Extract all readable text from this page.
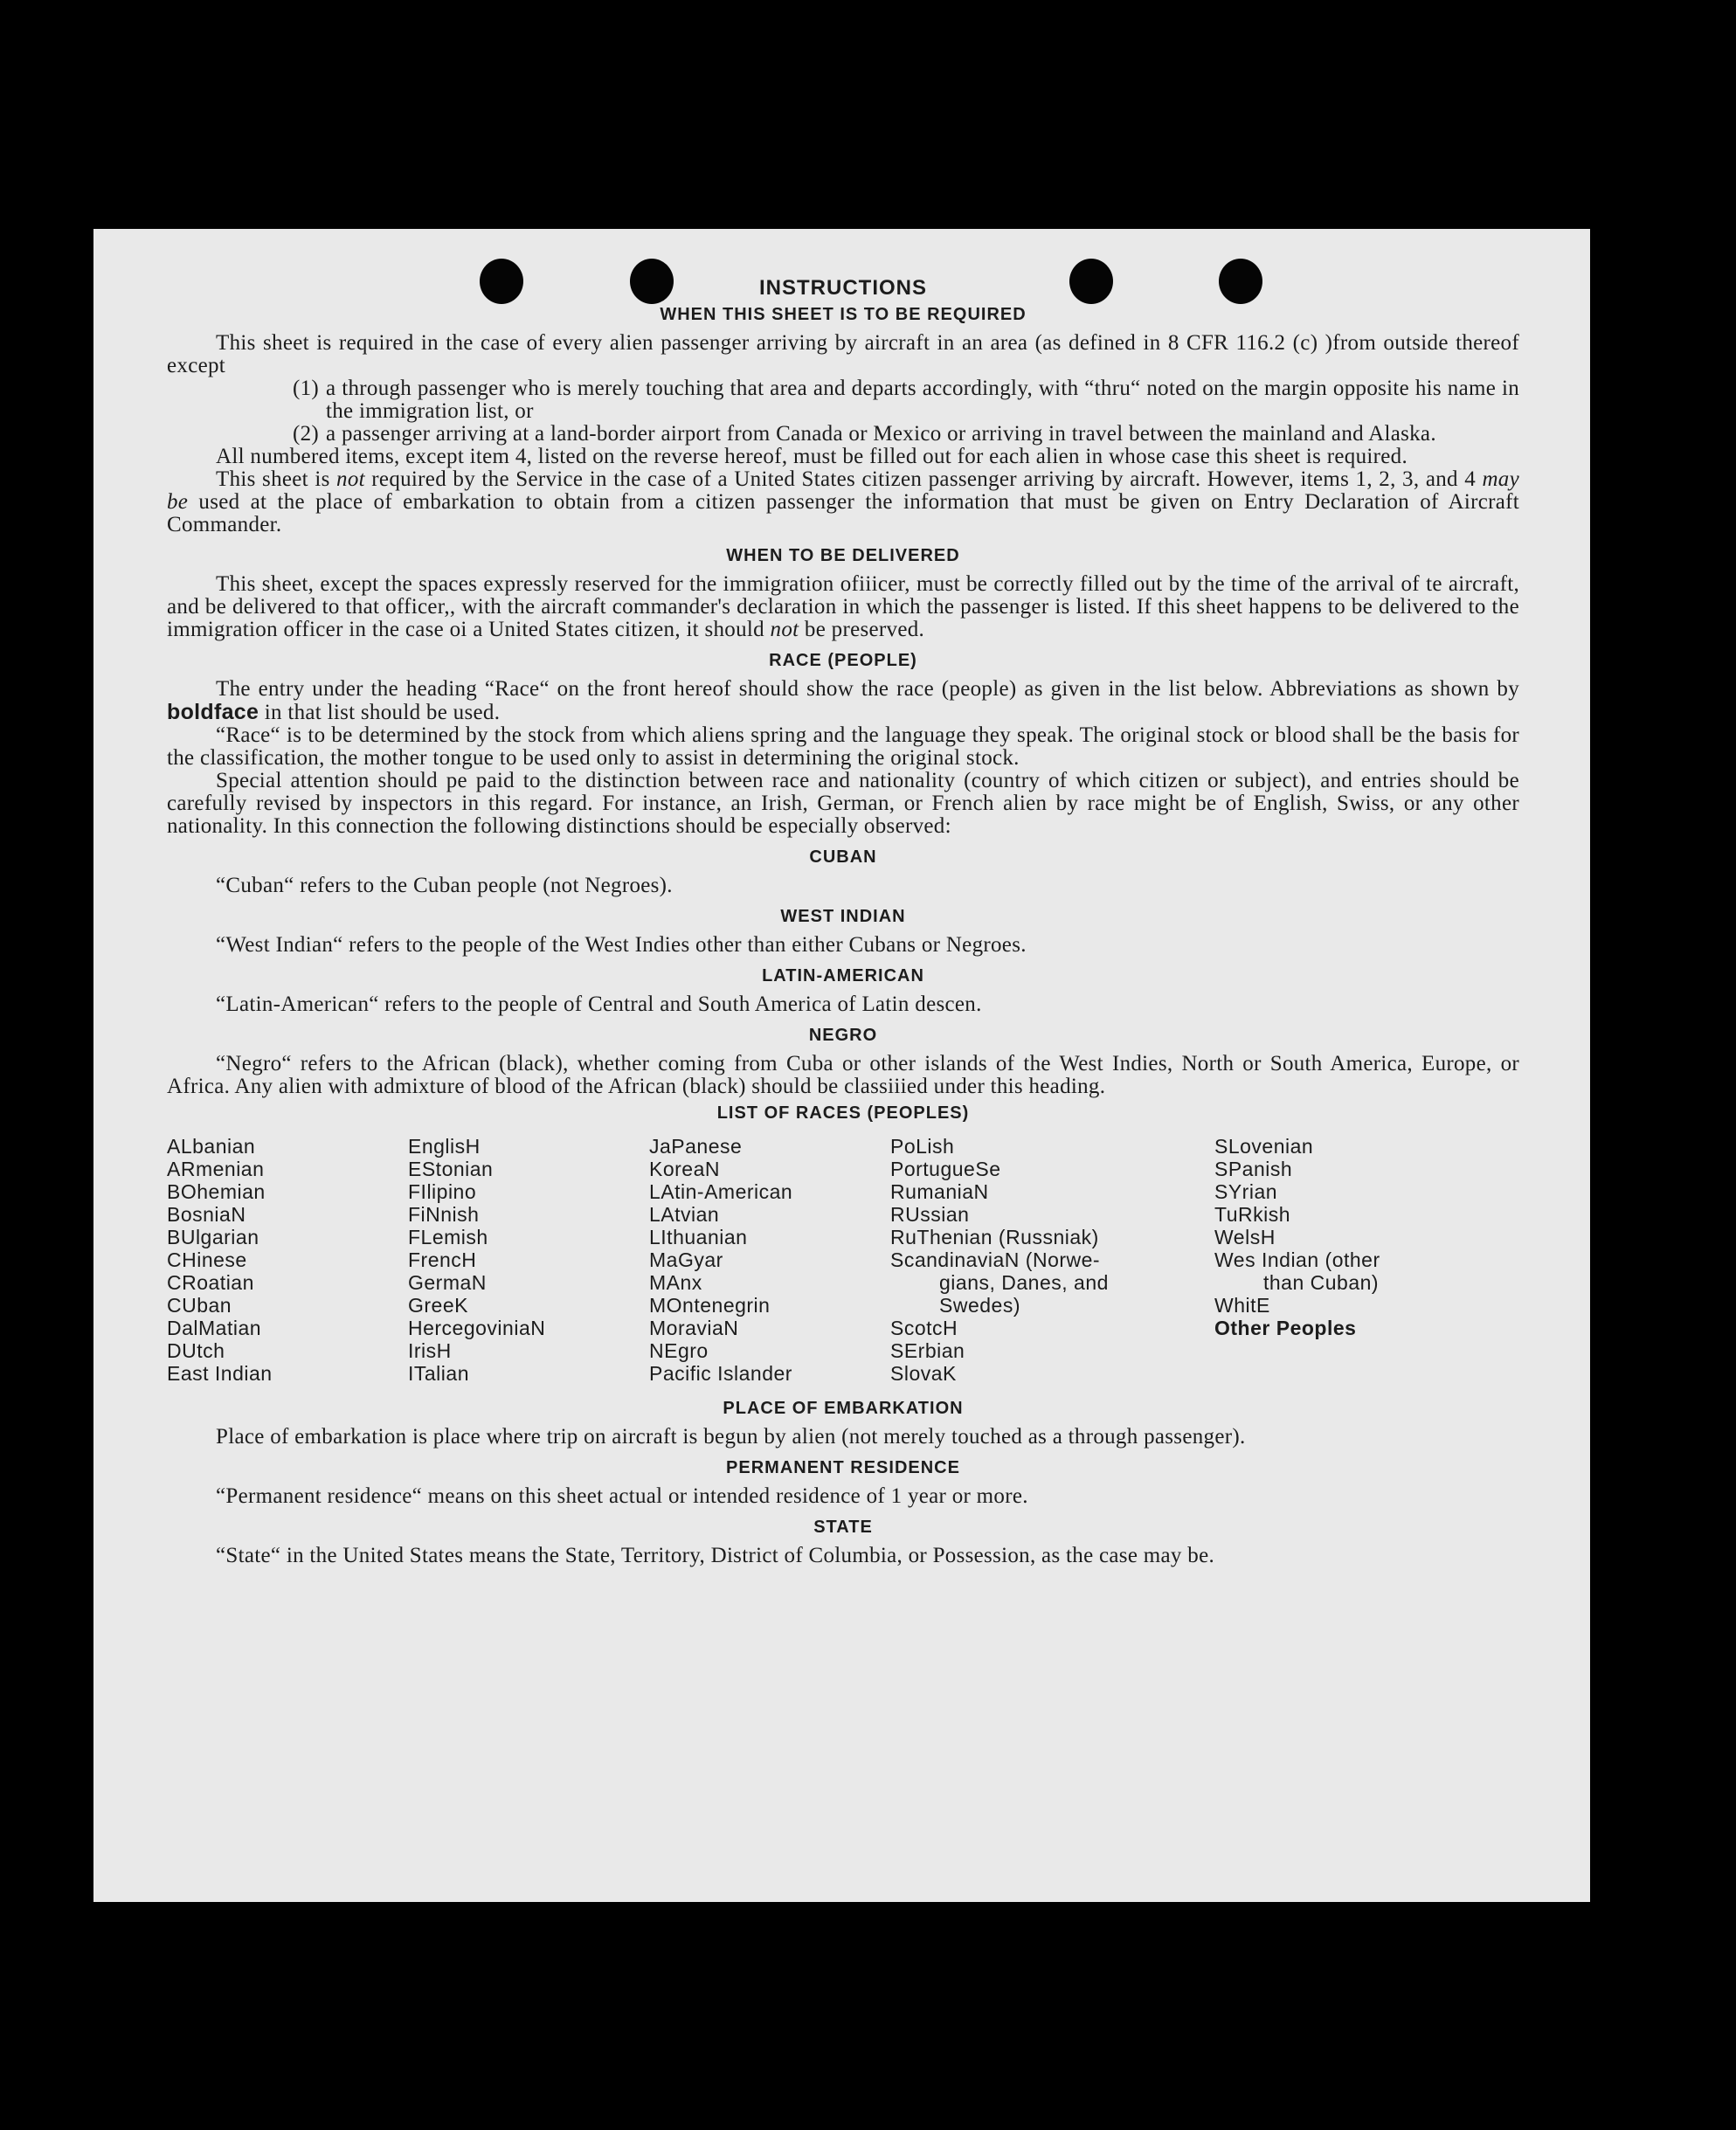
INSTRUCTIONS
WHEN THIS SHEET IS TO BE REQUIRED

This sheet is required in the case of every alien passenger arriving by aircraft in an area (as defined in 8 CFR 116.2 (c) )from outside thereof except

(1) a through passenger who is merely touching that area and departs accordingly, with “thru“ noted on the margin opposite his name in the immigration list, or

(2) a passenger arriving at a land-border airport from Canada or Mexico or arriving in travel between the mainland and Alaska.

All numbered items, except item 4, listed on the reverse hereof, must be filled out for each alien in whose case this sheet is required.

This sheet is not required by the Service in the case of a United States citizen passenger arriving by aircraft. However, items 1, 2, 3, and 4 may be used at the place of embarkation to obtain from a citizen passenger the information that must be given on Entry Declaration of Aircraft Commander.

WHEN TO BE DELIVERED

This sheet, except the spaces expressly reserved for the immigration ofiiicer, must be correctly filled out by the time of the arrival of te aircraft, and be delivered to that officer,, with the aircraft commander's declaration in which the passenger is listed. If this sheet happens to be delivered to the immigration officer in the case oi a United States citizen, it should not be preserved.

RACE (PEOPLE)

The entry under the heading “Race“ on the front hereof should show the race (people) as given in the list below. Abbreviations as shown by boldface in that list should be used.

“Race“ is to be determined by the stock from which aliens spring and the language they speak. The original stock or blood shall be the basis for the classification, the mother tongue to be used only to assist in determining the original stock.

Special attention should pe paid to the distinction between race and nationality (country of which citizen or subject), and entries should be carefully revised by inspectors in this regard. For instance, an Irish, German, or French alien by race might be of English, Swiss, or any other nationality. In this connection the following distinctions should be especially observed:

CUBAN

“Cuban“ refers to the Cuban people (not Negroes).

WEST INDIAN

“West Indian“ refers to the people of the West Indies other than either Cubans or Negroes.

LATIN-AMERICAN

“Latin-American“ refers to the people of Central and South America of Latin descen.

NEGRO

“Negro“ refers to the African (black), whether coming from Cuba or other islands of the West Indies, North or South America, Europe, or Africa. Any alien with admixture of blood of the African (black) should be classiiied under this heading.

LIST OF RACES (PEOPLES)
ALbanian
ARmenian
BOhemian
BosniaN
BUlgarian
CHinese
CRoatian
CUban
DalMatian
DUtch
East Indian
EnglisH
EStonian
FIlipino
FiNnish
FLemish
FrencH
GermaN
GreeK
HercegoviniaN
IrisH
ITalian
JaPanese
KoreaN
LAtin-American
LAtvian
LIthuanian
MaGyar
MAnx
MOntenegrin
MoraviaN
NEgro
Pacific Islander
PoLish
PortugueSe
RumaniaN
RUssian
RuThenian (Russniak)
ScandinaviaN (Norwe-
gians, Danes, and
Swedes)
ScotcH
SErbian
SlovaK
SLovenian
SPanish
SYrian
TuRkish
WelsH
Wes Indian (other
than Cuban)
WhitE
Other Peoples
PLACE OF EMBARKATION

Place of embarkation is place where trip on aircraft is begun by alien (not merely touched as a through passenger).

PERMANENT RESIDENCE

“Permanent residence“ means on this sheet actual or intended residence of 1 year or more.

STATE

“State“ in the United States means the State, Territory, District of Columbia, or Possession, as the case may be.
